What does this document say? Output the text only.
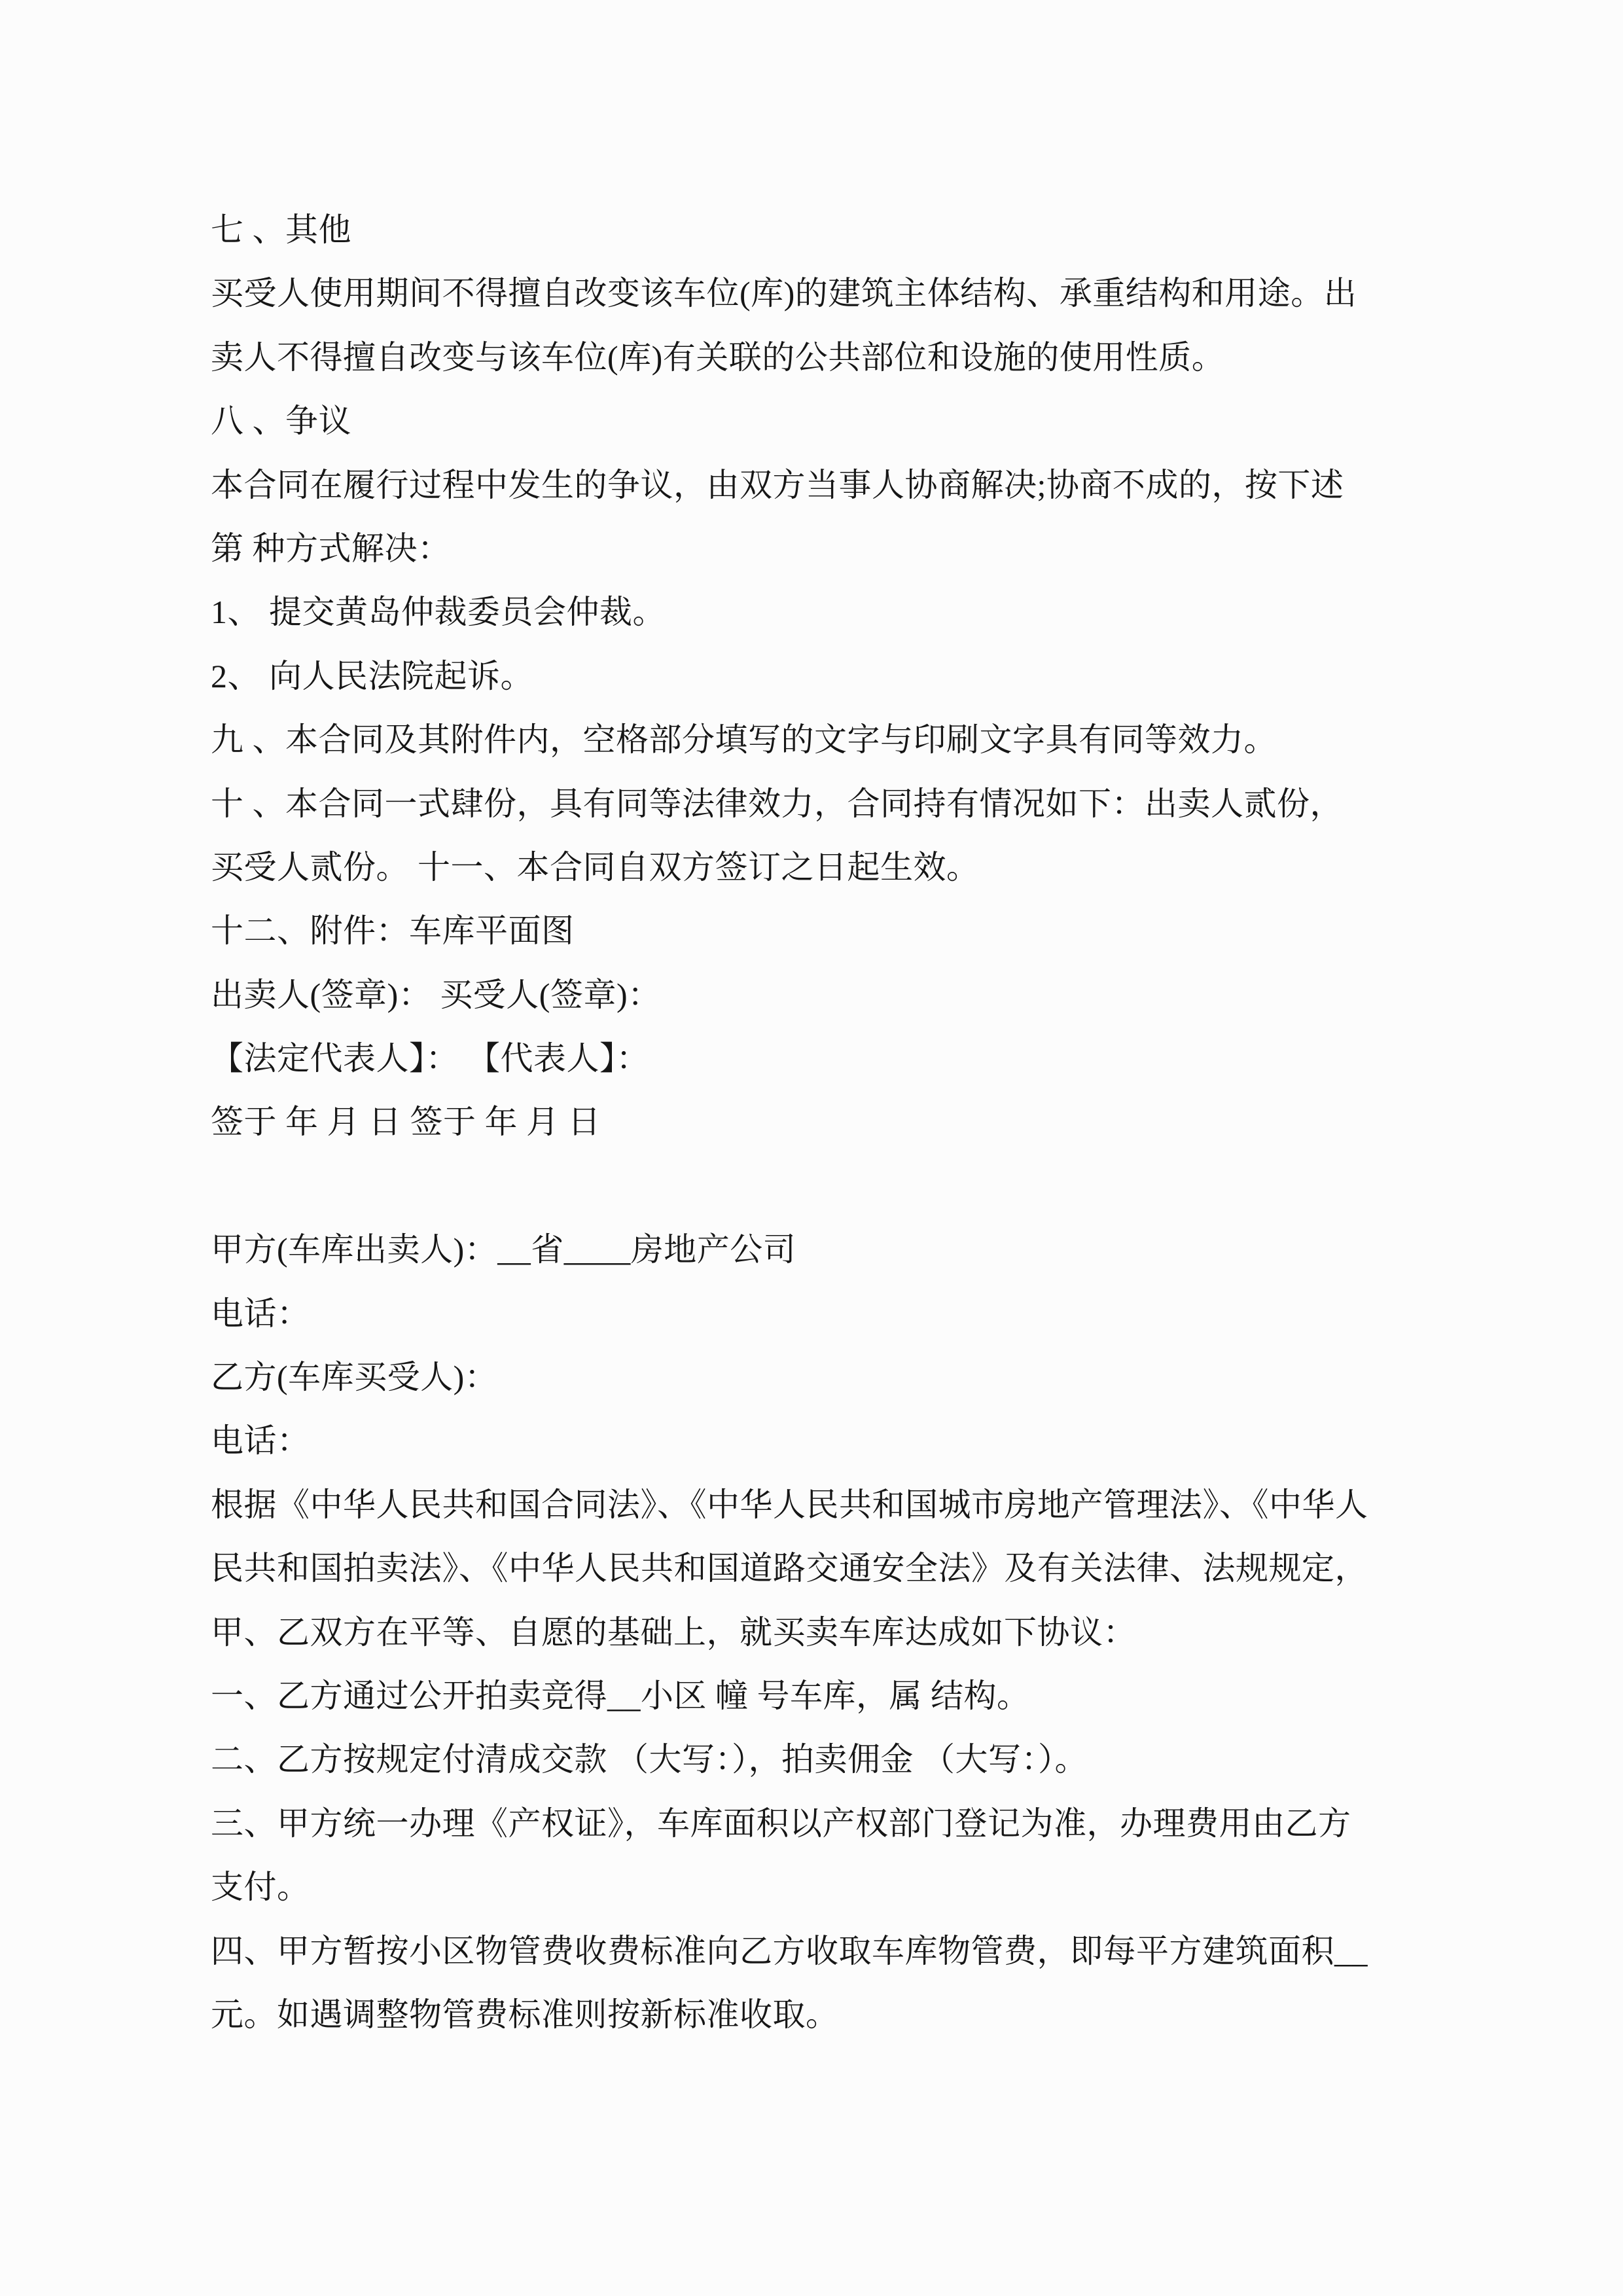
七 、其他
买受人使用期间不得擅自改变该车位(库)的建筑主体结构、承重结构和用途。出
卖人不得擅自改变与该车位(库)有关联的公共部位和设施的使用性质。
八 、争议
本合同在履行过程中发生的争议，由双方当事人协商解决;协商不成的，按下述
第 种方式解决：
1、 提交黄岛仲裁委员会仲裁。
2、 向人民法院起诉。
九 、本合同及其附件内，空格部分填写的文字与印刷文字具有同等效力。
十 、本合同一式肆份，具有同等法律效力，合同持有情况如下：出卖人贰份，
买受人贰份。 十一、本合同自双方签订之日起生效。
十二、附件：车库平面图
出卖人(签章)： 买受人(签章)：
【法定代表人】： 【代表人】：
签于 年 月 日 签于 年 月 日
甲方(车库出卖人)：__省____房地产公司
电话：
乙方(车库买受人)：
电话：
根据《中华人民共和国合同法》、《中华人民共和国城市房地产管理法》、《中华人
民共和国拍卖法》、《中华人民共和国道路交通安全法》及有关法律、法规规定，
甲、乙双方在平等、自愿的基础上，就买卖车库达成如下协议：
一、乙方通过公开拍卖竞得__小区 幢 号车库，属 结构。
二、乙方按规定付清成交款 （大写：），拍卖佣金 （大写：）。
三、甲方统一办理《产权证》，车库面积以产权部门登记为准，办理费用由乙方
支付。
四、甲方暂按小区物管费收费标准向乙方收取车库物管费，即每平方建筑面积__
元。如遇调整物管费标准则按新标准收取。
